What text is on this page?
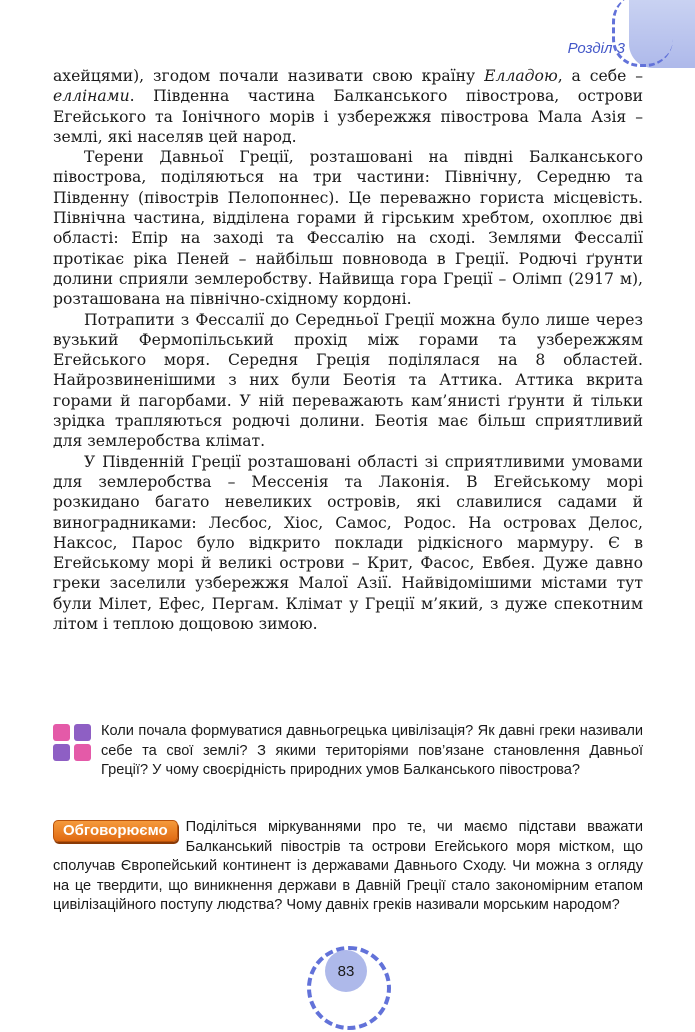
Розділ 3

ахейцями), згодом почали називати свою країну Елладою, а себе – еллінами. Південна частина Балканського півострова, острови Егейського та Іонічного морів і узбережжя півострова Мала Азія – землі, які населяв цей народ.

Терени Давньої Греції, розташовані на півдні Балканського півострова, поділяються на три частини: Північну, Середню та Південну (півострів Пелопоннес). Це переважно гориста місцевість. Північна частина, відділена горами й гірським хребтом, охоплює дві області: Епір на заході та Фессалію на сході. Землями Фессалії протікає ріка Пеней – найбільш повновода в Греції. Родючі ґрунти долини сприяли землеробству. Найвища гора Греції – Олімп (2917 м), розташована на північно-східному кордоні.

Потрапити з Фессалії до Середньої Греції можна було лише через вузький Фермопільський прохід між горами та узбережжям Егейського моря. Середня Греція поділялася на 8 областей. Найрозвиненішими з них були Беотія та Аттика. Аттика вкрита горами й пагорбами. У ній переважають кам’янисті ґрунти й тільки зрідка трапляються родючі долини. Беотія має більш сприятливий для землеробства клімат.

У Південній Греції розташовані області зі сприятливими умовами для землеробства – Мессенія та Лаконія. В Егейському морі розкидано багато невеликих островів, які славилися садами й виноградниками: Лесбос, Хіос, Самос, Родос. На островах Делос, Наксос, Парос було відкрито поклади рідкісного мармуру. Є в Егейському морі й великі острови – Крит, Фасос, Евбея. Дуже давно греки заселили узбережжя Малої Азії. Найвідомішими містами тут були Мілет, Ефес, Пергам. Клімат у Греції м’який, з дуже спекотним літом і теплою дощовою зимою.

Коли почала формуватися давньогрецька цивілізація? Як давні греки називали себе та свої землі? З якими територіями пов’язане становлення Давньої Греції? У чому своєрідність природних умов Балканського півострова?
Обговорюємо	Поділіться міркуваннями про те, чи маємо підстави вважати Балканський півострів та острови Егейського моря містком, що сполучав Європейський континент із державами Давнього Сходу. Чи можна з огляду на це твердити, що виникнення держави в Давній Греції стало закономірним етапом цивілізаційного поступу людства? Чому давніх греків називали морським народом?
83
